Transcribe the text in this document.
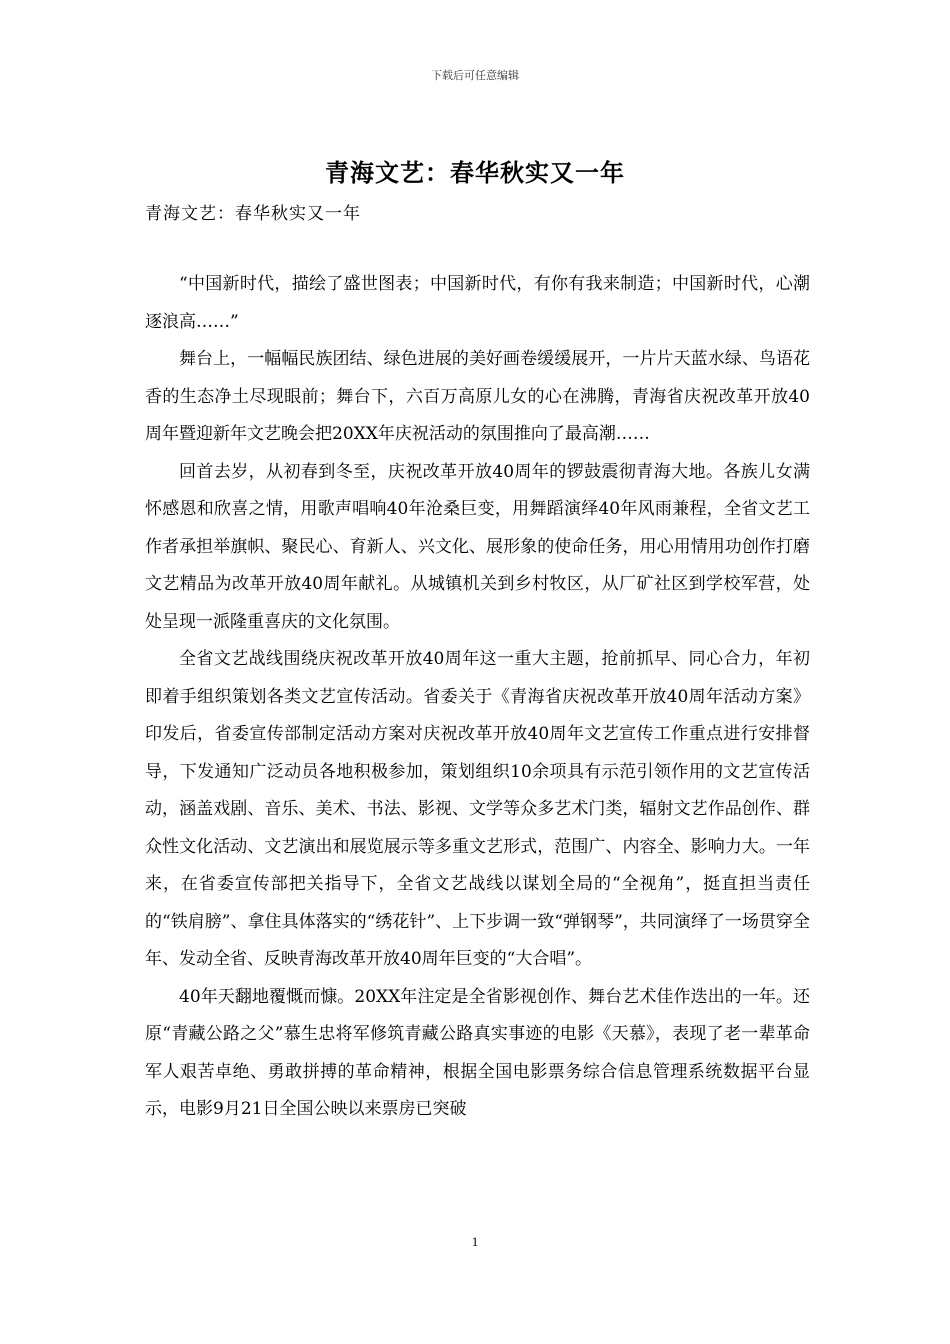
下载后可任意编辑
青海文艺：春华秋实又一年
青海文艺：春华秋实又一年

“中国新时代，描绘了盛世图表；中国新时代，有你有我来制造；中国新时代，心潮逐浪高……”

舞台上，一幅幅民族团结、绿色进展的美好画卷缓缓展开，一片片天蓝水绿、鸟语花香的生态净土尽现眼前；舞台下，六百万高原儿女的心在沸腾，青海省庆祝改革开放40周年暨迎新年文艺晚会把20XX年庆祝活动的氛围推向了最高潮……

回首去岁，从初春到冬至，庆祝改革开放40周年的锣鼓震彻青海大地。各族儿女满怀感恩和欣喜之情，用歌声唱响40年沧桑巨变，用舞蹈演绎40年风雨兼程，全省文艺工作者承担举旗帜、聚民心、育新人、兴文化、展形象的使命任务，用心用情用功创作打磨文艺精品为改革开放40周年献礼。从城镇机关到乡村牧区，从厂矿社区到学校军营，处处呈现一派隆重喜庆的文化氛围。

全省文艺战线围绕庆祝改革开放40周年这一重大主题，抢前抓早、同心合力，年初即着手组织策划各类文艺宣传活动。省委关于《青海省庆祝改革开放40周年活动方案》印发后，省委宣传部制定活动方案对庆祝改革开放40周年文艺宣传工作重点进行安排督导，下发通知广泛动员各地积极参加，策划组织10余项具有示范引领作用的文艺宣传活动，涵盖戏剧、音乐、美术、书法、影视、文学等众多艺术门类，辐射文艺作品创作、群众性文化活动、文艺演出和展览展示等多重文艺形式，范围广、内容全、影响力大。一年来，在省委宣传部把关指导下，全省文艺战线以谋划全局的“全视角”，挺直担当责任的“铁肩膀”、拿住具体落实的“绣花针”、上下步调一致“弹钢琴”，共同演绎了一场贯穿全年、发动全省、反映青海改革开放40周年巨变的“大合唱”。

40年天翻地覆慨而慷。20XX年注定是全省影视创作、舞台艺术佳作迭出的一年。还原“青藏公路之父”慕生忠将军修筑青藏公路真实事迹的电影《天慕》，表现了老一辈革命军人艰苦卓绝、勇敢拼搏的革命精神，根据全国电影票务综合信息管理系统数据平台显示，电影9月21日全国公映以来票房已突破

1
